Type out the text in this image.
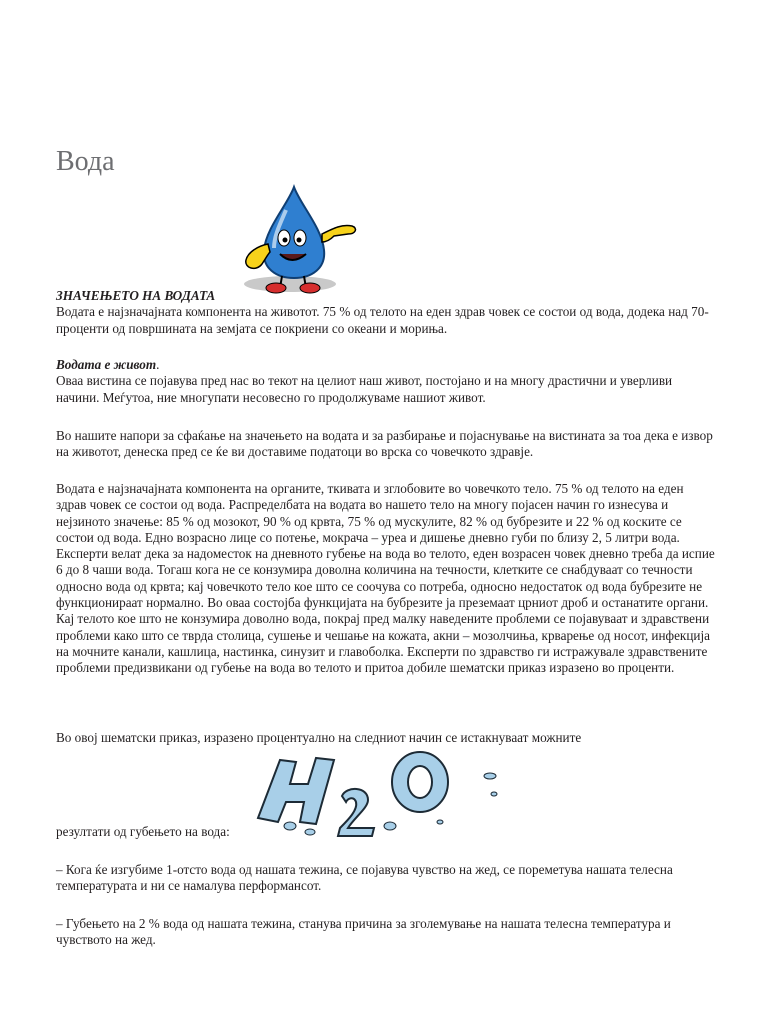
Вода
ЗНАЧЕЊЕТО НА ВОДАТА
Водата е најзначајната компонента на животот. 75 % од телото на еден здрав човек се состои од вода, додека над 70-проценти од површината на земјата се покриени со океани и морињa.
Водата е живот.
Оваа вистина се појавува пред нас во текот на целиот наш живот, постојано и на многу драстични и уверливи начини. Меѓутоа, ние многупати несовесно го продолжуваме нашиот живот.

Во нашите напори за сфаќање на значењето на водата и за разбирање и појаснување на вистината за тоа дека е извор на животот, денеска пред се ќе ви доставиме податоци во врска со човечкото здравје.

Водата е најзначајната компонента на органите, ткивата и зглобовите во човечкото тело. 75 % од телото на еден здрав човек се состои од вода. Распределбата на водата во нашето тело на многу појасен начин го изнесува и нејзиното значење: 85 % од мозокот, 90 % од крвта, 75 % од мускулите, 82 % од бубрезите и 22 % од коските се состои од вода. Едно возрасно лице со потење, мокрача – уреа и дишење дневно губи по близу 2, 5 литри вода. Експерти велат дека за надоместок на дневното губење на вода во телото, еден возрасен човек дневно треба да испие 6 до 8 чаши вода. Тогаш кога не се конзумира доволна количина на течности, клетките се снабдуваат со течности односно вода од крвта; кај човечкото тело кое што се соочува со потреба, односно недостаток од вода бубрезите не функционираат нормално. Во оваа состојба функцијата на бубрезите ја преземаат црниот дроб и останатите органи. Кај телото кое што не конзумира доволно вода, покрај пред малку наведените проблеми се појавуваат и здравствени проблеми како што се тврда столица, сушење и чешање на кожата, акни – мозолчиња, крварење од носот, инфекција на мочните канали, кашлица, настинка, синузит и главоболка. Експерти по здравство ги истражувале здравствените проблеми предизвикани од губење на вода во телото и притоа добиле шематски приказ изразено во проценти.

Во овој шематски приказ, изразено процентуално на следниот начин се истакнуваат можните

резултати од губењето на вода:

– Кога ќе изгубиме 1-отсто вода од нашата тежина, се појавува чувство на жед, се пореметува нашата телесна температурата и ни се намалува перформансот.

– Губењето на 2 % вода од нашата тежина, станува причина за зголемување на нашата телесна температура и чувството на жед.
